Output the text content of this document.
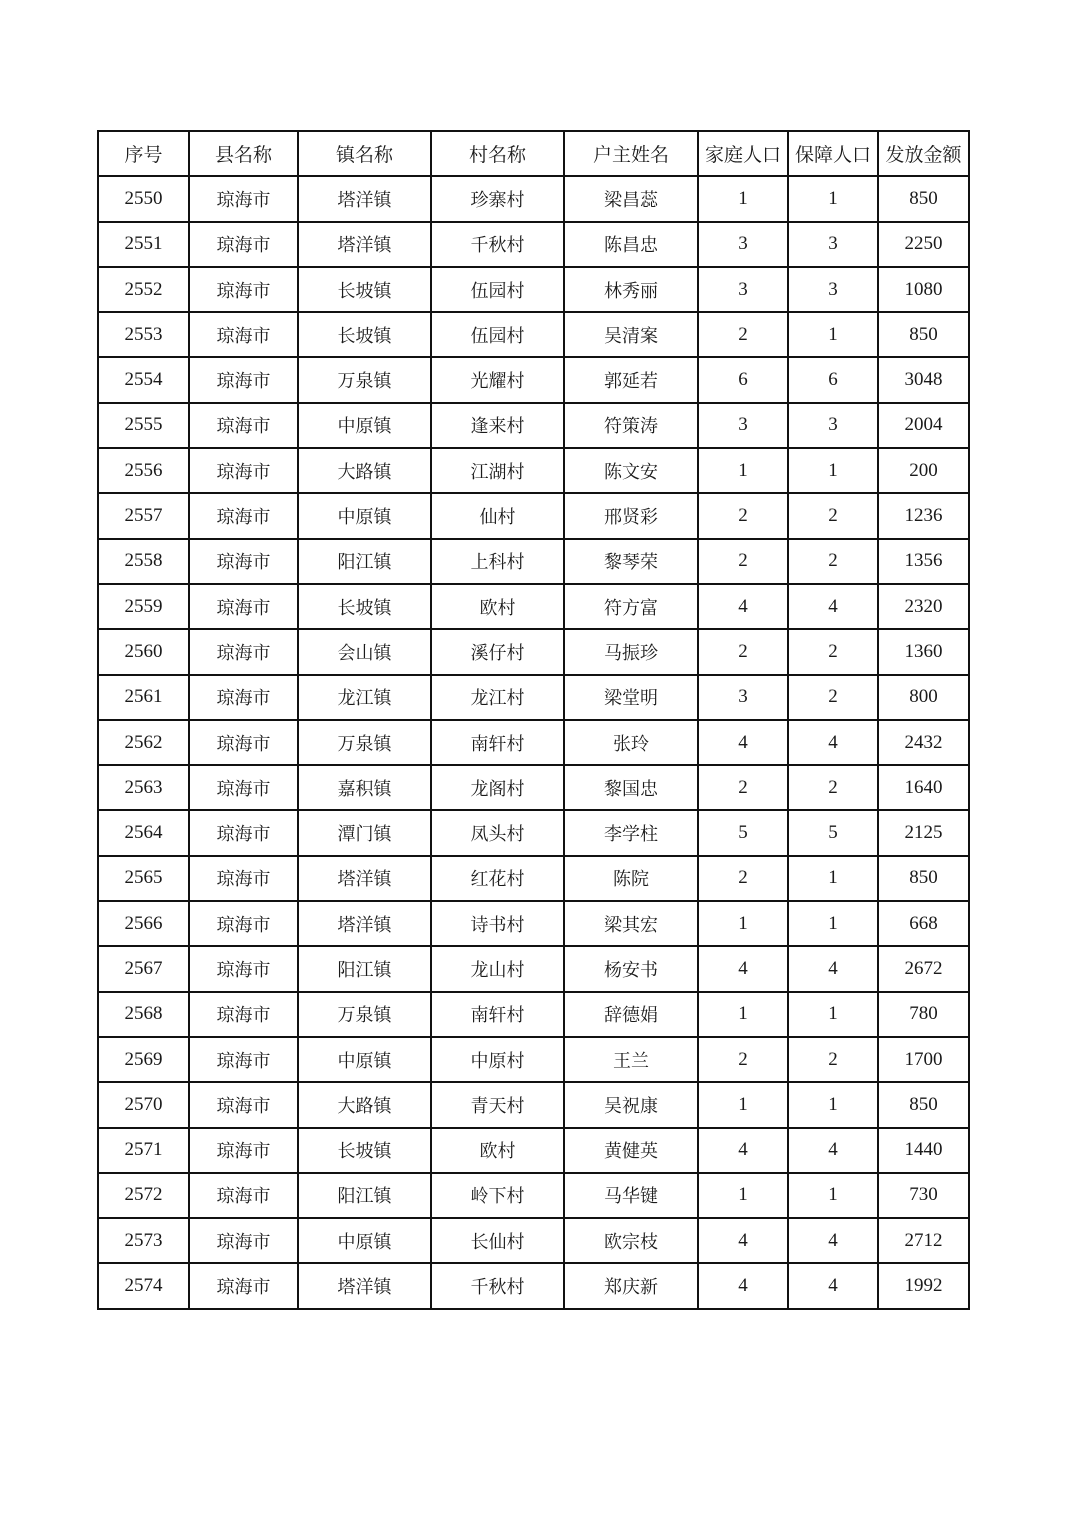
序号	县名称	镇名称	村名称	户主姓名	家庭人口	保障人口	发放金额
2550	琼海市	塔洋镇	珍寨村	梁昌蕊	1	1	850
2551	琼海市	塔洋镇	千秋村	陈昌忠	3	3	2250
2552	琼海市	长坡镇	伍园村	林秀丽	3	3	1080
2553	琼海市	长坡镇	伍园村	吴清案	2	1	850
2554	琼海市	万泉镇	光耀村	郭延若	6	6	3048
2555	琼海市	中原镇	逢来村	符策涛	3	3	2004
2556	琼海市	大路镇	江湖村	陈文安	1	1	200
2557	琼海市	中原镇	仙村	邢贤彩	2	2	1236
2558	琼海市	阳江镇	上科村	黎琴荣	2	2	1356
2559	琼海市	长坡镇	欧村	符方富	4	4	2320
2560	琼海市	会山镇	溪仔村	马振珍	2	2	1360
2561	琼海市	龙江镇	龙江村	梁堂明	3	2	800
2562	琼海市	万泉镇	南轩村	张玲	4	4	2432
2563	琼海市	嘉积镇	龙阁村	黎国忠	2	2	1640
2564	琼海市	潭门镇	凤头村	李学柱	5	5	2125
2565	琼海市	塔洋镇	红花村	陈院	2	1	850
2566	琼海市	塔洋镇	诗书村	梁其宏	1	1	668
2567	琼海市	阳江镇	龙山村	杨安书	4	4	2672
2568	琼海市	万泉镇	南轩村	辞德娟	1	1	780
2569	琼海市	中原镇	中原村	王兰	2	2	1700
2570	琼海市	大路镇	青天村	吴祝康	1	1	850
2571	琼海市	长坡镇	欧村	黄健英	4	4	1440
2572	琼海市	阳江镇	岭下村	马华键	1	1	730
2573	琼海市	中原镇	长仙村	欧宗枝	4	4	2712
2574	琼海市	塔洋镇	千秋村	郑庆新	4	4	1992
